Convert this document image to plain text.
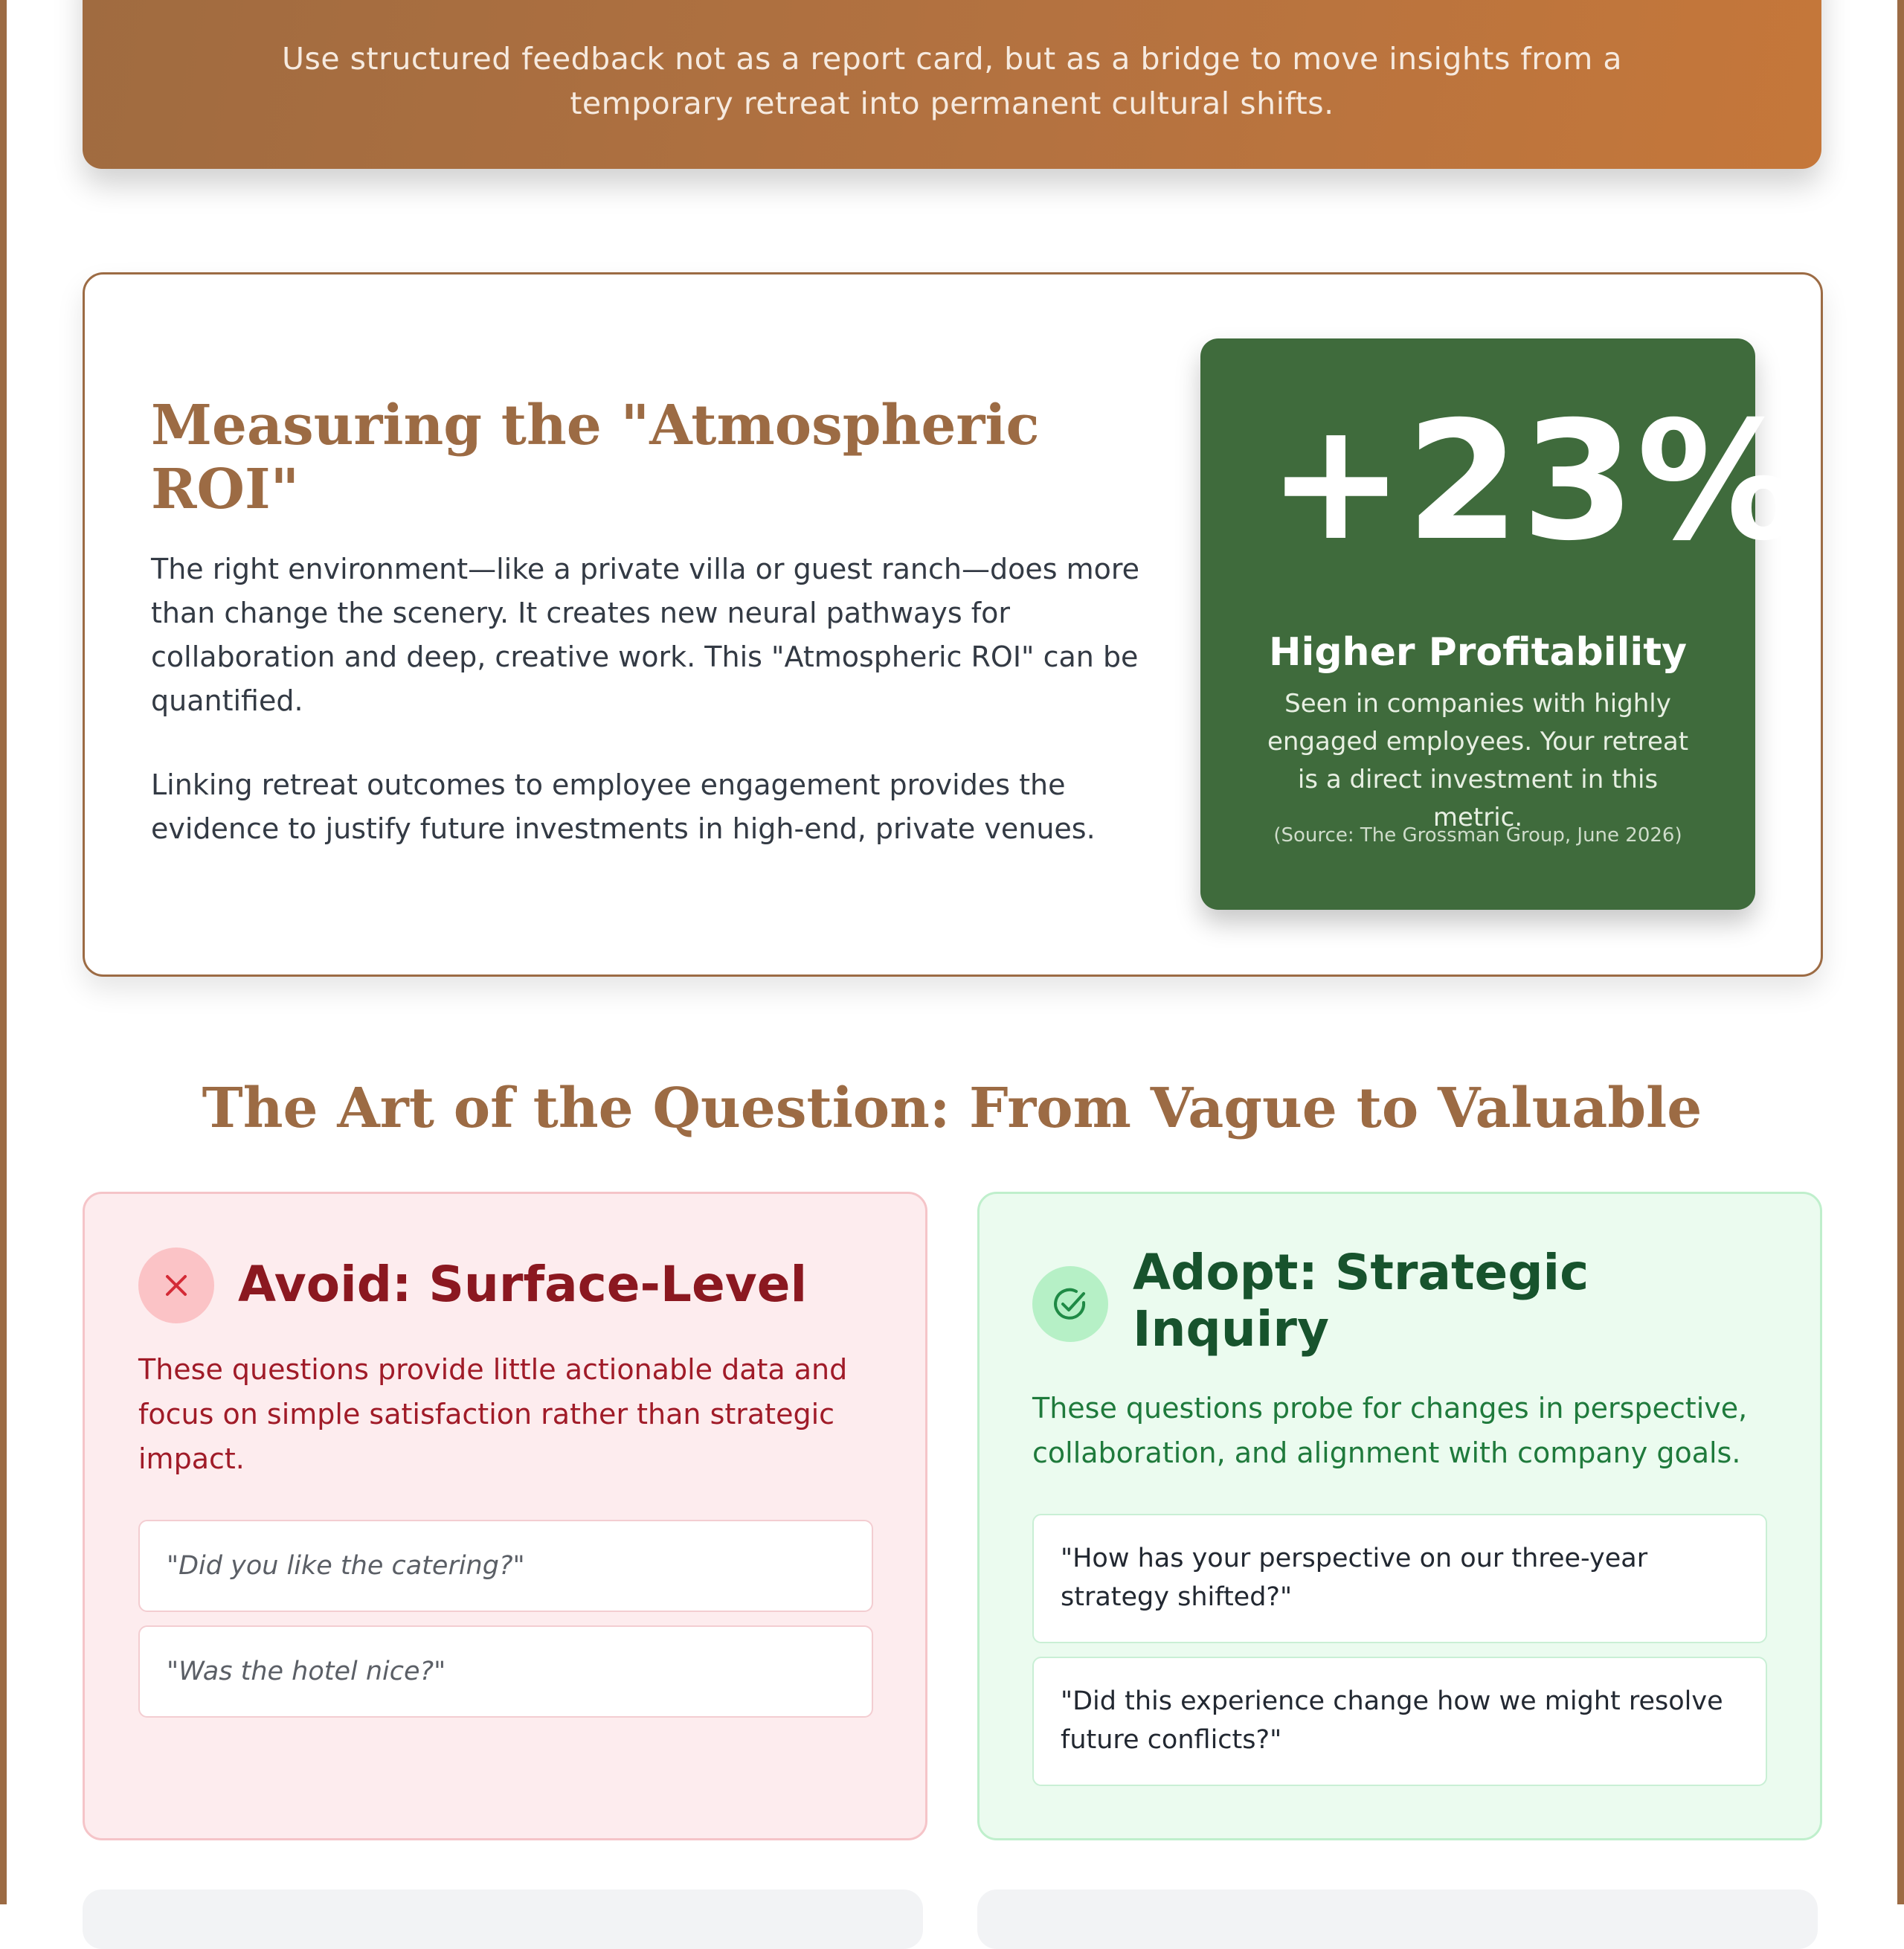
Use structured feedback not as a report card, but as a bridge to move insights from a temporary retreat into permanent cultural shifts.

Measuring the "Atmospheric ROI"

The right environment—like a private villa or guest ranch—does more than change the scenery. It creates new neural pathways for collaboration and deep, creative work. This "Atmospheric ROI" can be quantified.

Linking retreat outcomes to employee engagement provides the evidence to justify future investments in high-end, private venues.

+23%
Higher Profitability
Seen in companies with highly
engaged employees. Your retreat
is a direct investment in this
metric.
(Source: The Grossman Group, June 2026)
The Art of the Question: From Vague to Valuable
Avoid: Surface-Level

These questions provide little actionable data and focus on simple satisfaction rather than strategic impact.

"Did you like the catering?"
"Was the hotel nice?"
Adopt: Strategic Inquiry

These questions probe for changes in perspective, collaboration, and alignment with company goals.

"How has your perspective on our three-year strategy shifted?"
"Did this experience change how we might resolve future conflicts?"
